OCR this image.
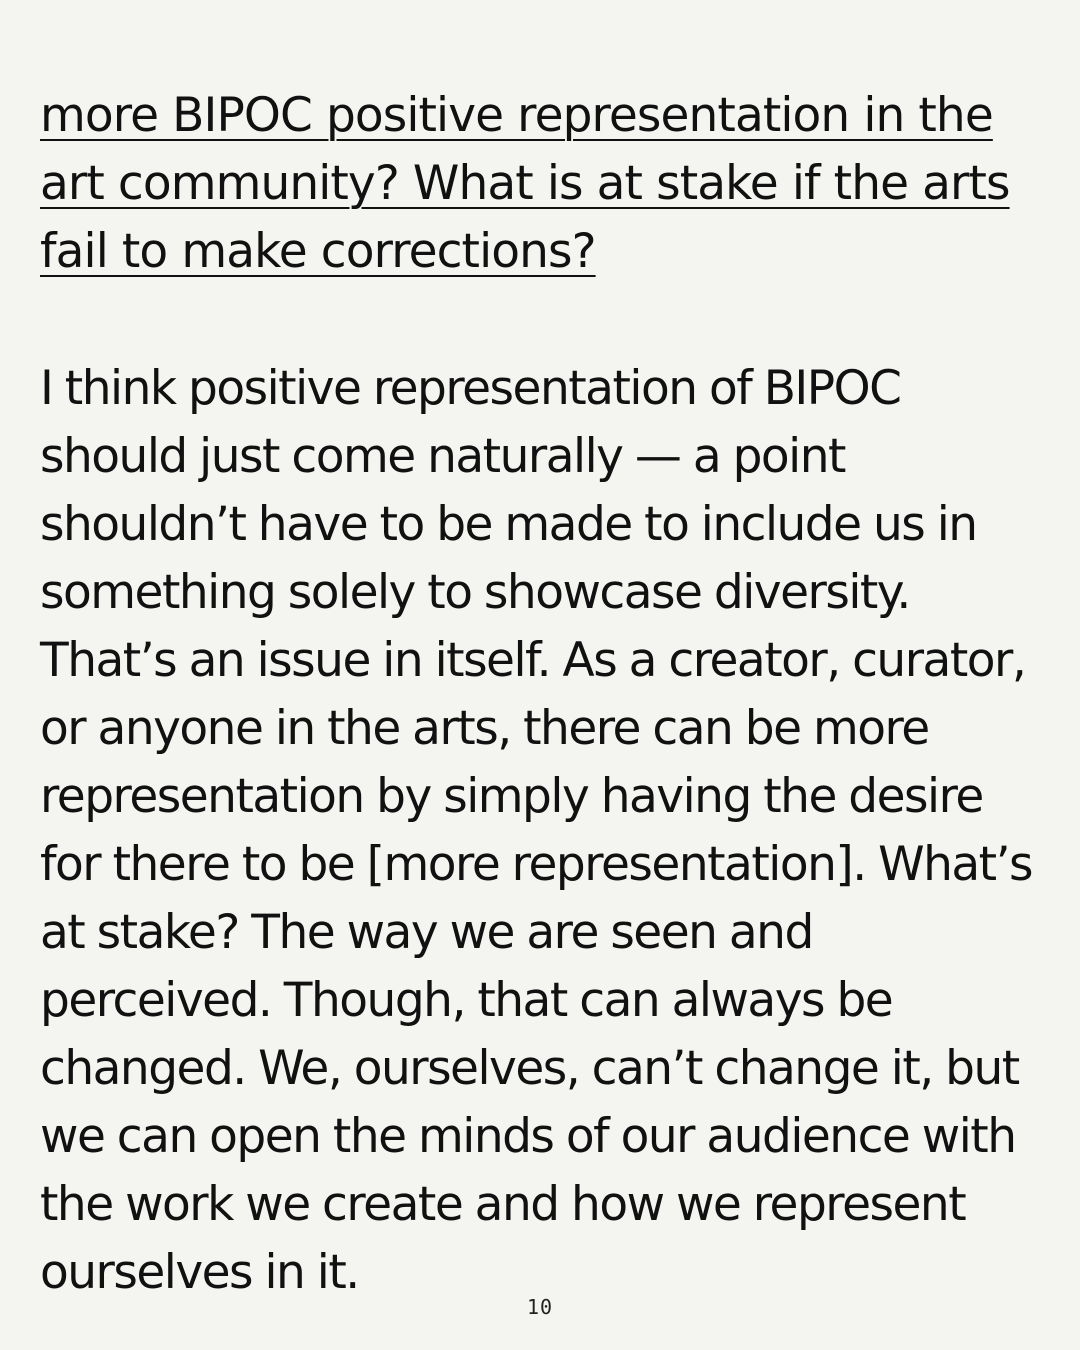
more BIPOC positive representation in the art community? What is at stake if the arts fail to make corrections?

I think positive representation of BIPOC should just come naturally — a point shouldn’t have to be made to include us in something solely to showcase diversity. That’s an issue in itself. As a creator, curator, or anyone in the arts, there can be more representation by simply having the desire for there to be [more representation]. What’s at stake? The way we are seen and perceived. Though, that can always be changed. We, ourselves, can’t change it, but we can open the minds of our audience with the work we create and how we represent ourselves in it.

10
